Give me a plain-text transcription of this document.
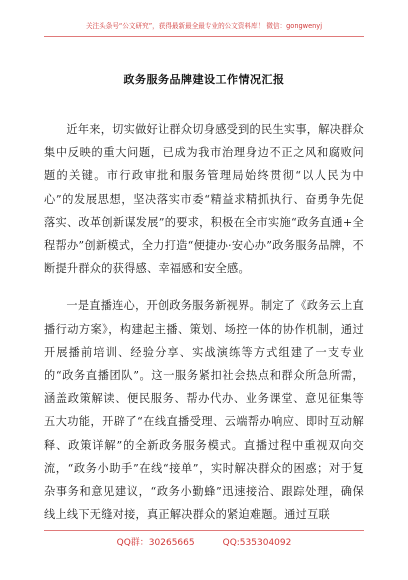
关注头条号“公文研究”，获得最新最全最专业的公文资料库！ 微信：gongwenyj
政务服务品牌建设工作情况汇报

近年来，切实做好让群众切身感受到的民生实事，解决群众集中反映的重大问题，已成为我市治理身边不正之风和腐败问题的关键。市行政审批和服务管理局始终贯彻“以人民为中心”的发展思想，坚决落实市委“精益求精抓执行、奋勇争先促落实、改革创新谋发展”的要求，积极在全市实施“政务直通+全程帮办”创新模式，全力打造“便捷办·安心办”政务服务品牌，不断提升群众的获得感、幸福感和安全感。

一是直播连心，开创政务服务新视界。制定了《政务云上直播行动方案》，构建起主播、策划、场控一体的协作机制，通过开展播前培训、经验分享、实战演练等方式组建了一支专业的“政务直播团队”。这一服务紧扣社会热点和群众所急所需，涵盖政策解读、便民服务、帮办代办、业务课堂、意见征集等五大功能，开辟了“在线直播受理、云端帮办响应、即时互动解释、政策详解”的全新政务服务模式。直播过程中重视双向交流，“政务小助手”在线“接单”，实时解决群众的困惑；对于复杂事务和意见建议，“政务小勤蜂”迅速接洽、跟踪处理，确保线上线下无缝对接，真正解决群众的紧迫难题。通过互联

QQ群：30265665	QQ:535304092
